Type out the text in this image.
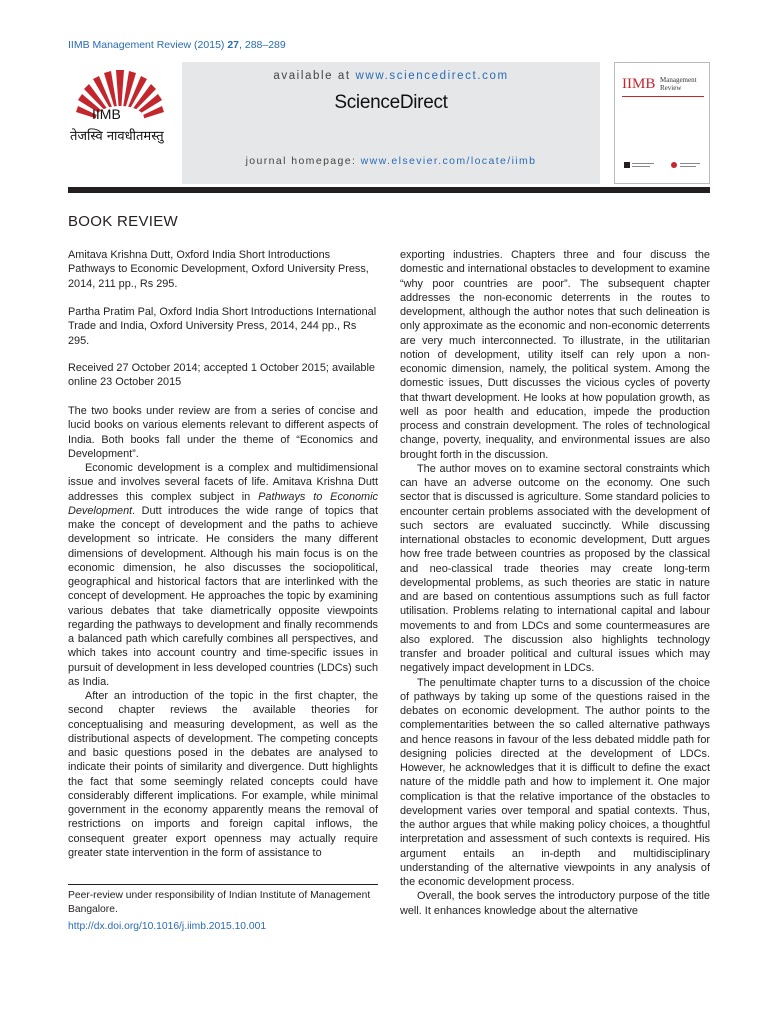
IIMB Management Review (2015) 27, 288–289
IIMB
तेजस्वि नावधीतमस्तु
available at www.sciencedirect.com
ScienceDirect
journal homepage: www.elsevier.com/locate/iimb
IIMB Management
Review
BOOK REVIEW

Amitava Krishna Dutt, Oxford India Short Introductions Pathways to Economic Development, Oxford University Press, 2014, 211 pp., Rs 295.

Partha Pratim Pal, Oxford India Short Introductions International Trade and India, Oxford University Press, 2014, 244 pp., Rs 295.

Received 27 October 2014; accepted 1 October 2015; available online 23 October 2015

The two books under review are from a series of concise and lucid books on various elements relevant to different aspects of India. Both books fall under the theme of “Economics and Development”.

Economic development is a complex and multidimensional issue and involves several facets of life. Amitava Krishna Dutt addresses this complex subject in Pathways to Economic Development. Dutt introduces the wide range of topics that make the concept of development and the paths to achieve development so intricate. He considers the many different dimensions of development. Although his main focus is on the economic dimension, he also discusses the sociopolitical, geographical and historical factors that are interlinked with the concept of development. He approaches the topic by examining various debates that take diametrically opposite viewpoints regarding the pathways to development and finally recommends a balanced path which carefully combines all perspectives, and which takes into account country and time-specific issues in pursuit of development in less developed countries (LDCs) such as India.

After an introduction of the topic in the first chapter, the second chapter reviews the available theories for conceptualising and measuring development, as well as the distributional aspects of development. The competing concepts and basic questions posed in the debates are analysed to indicate their points of similarity and divergence. Dutt highlights the fact that some seemingly related concepts could have considerably different implications. For example, while minimal government in the economy apparently means the removal of restrictions on imports and foreign capital inflows, the consequent greater export openness may actually require greater state intervention in the form of assistance to

exporting industries. Chapters three and four discuss the domestic and international obstacles to development to examine “why poor countries are poor”. The subsequent chapter addresses the non-economic deterrents in the routes to development, although the author notes that such delineation is only approximate as the economic and non-economic deterrents are very much interconnected. To illustrate, in the utilitarian notion of development, utility itself can rely upon a non-economic dimension, namely, the political system. Among the domestic issues, Dutt discusses the vicious cycles of poverty that thwart development. He looks at how population growth, as well as poor health and education, impede the production process and constrain development. The roles of technological change, poverty, inequality, and environmental issues are also brought forth in the discussion.

The author moves on to examine sectoral constraints which can have an adverse outcome on the economy. One such sector that is discussed is agriculture. Some standard policies to encounter certain problems associated with the development of such sectors are evaluated succinctly. While discussing international obstacles to economic development, Dutt argues how free trade between countries as proposed by the classical and neo-classical trade theories may create long-term developmental problems, as such theories are static in nature and are based on contentious assumptions such as full factor utilisation. Problems relating to international capital and labour movements to and from LDCs and some countermeasures are also explored. The discussion also highlights technology transfer and broader political and cultural issues which may negatively impact development in LDCs.

The penultimate chapter turns to a discussion of the choice of pathways by taking up some of the questions raised in the debates on economic development. The author points to the complementarities between the so called alternative pathways and hence reasons in favour of the less debated middle path for designing policies directed at the development of LDCs. However, he acknowledges that it is difficult to define the exact nature of the middle path and how to implement it. One major complication is that the relative importance of the obstacles to development varies over temporal and spatial contexts. Thus, the author argues that while making policy choices, a thoughtful interpretation and assessment of such contexts is required. His argument entails an in-depth and multidisciplinary understanding of the alternative viewpoints in any analysis of the economic development process.

Overall, the book serves the introductory purpose of the title well. It enhances knowledge about the alternative

Peer-review under responsibility of Indian Institute of Management Bangalore.
http://dx.doi.org/10.1016/j.iimb.2015.10.001
